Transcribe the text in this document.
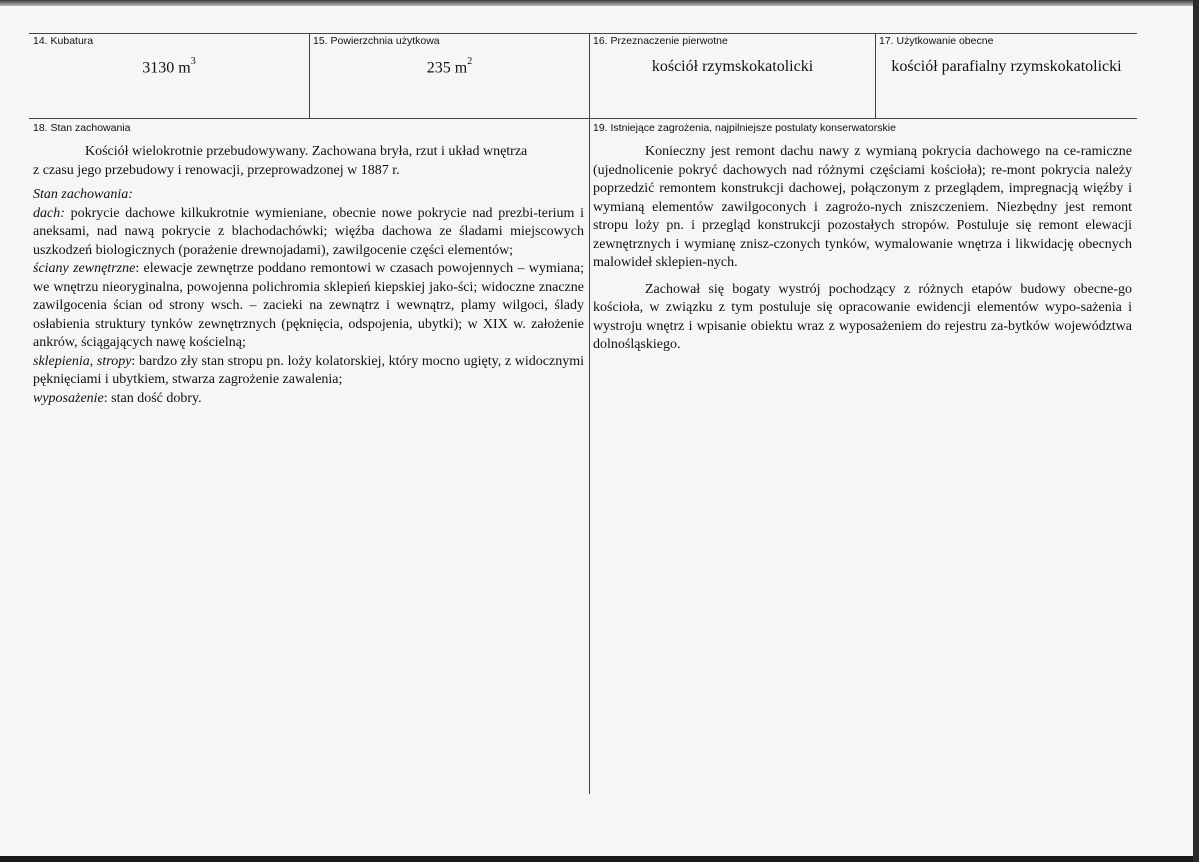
14. Kubatura
3130 $m^3$
15. Powierzchnia użytkowa
235 $m^2$
16. Przeznaczenie pierwotne
kościół rzymskokatolicki
17. Użytkowanie obecne
kościół parafialny rzymskokatolicki
18. Stan zachowania

Kościół wielokrotnie przebudowywany. Zachowana bryła, rzut i układ wnętrza

z czasu jego przebudowy i renowacji, przeprowadzonej w 1887 r.

Stan zachowania:

dach: pokrycie dachowe kilkukrotnie wymieniane, obecnie nowe pokrycie nad prezbi-terium i aneksami, nad nawą pokrycie z blachodachówki; więźba dachowa ze śladami miejscowych uszkodzeń biologicznych (porażenie drewnojadami), zawilgocenie części elementów;

ściany zewnętrzne: elewacje zewnętrze poddano remontowi w czasach powojennych – wymiana; we wnętrzu nieoryginalna, powojenna polichromia sklepień kiepskiej jako-ści; widoczne znaczne zawilgocenia ścian od strony wsch. – zacieki na zewnątrz i wewnątrz, plamy wilgoci, ślady osłabienia struktury tynków zewnętrznych (pęknięcia, odspojenia, ubytki); w XIX w. założenie ankrów, ściągających nawę kościelną;

sklepienia, stropy: bardzo zły stan stropu pn. loży kolatorskiej, który mocno ugięty, z widocznymi pęknięciami i ubytkiem, stwarza zagrożenie zawalenia;

wyposażenie: stan dość dobry.

19. Istniejące zagrożenia, najpilniejsze postulaty konserwatorskie

Konieczny jest remont dachu nawy z wymianą pokrycia dachowego na ce-ramiczne (ujednolicenie pokryć dachowych nad różnymi częściami kościoła); re-mont pokrycia należy poprzedzić remontem konstrukcji dachowej, połączonym z przeglądem, impregnacją więźby i wymianą elementów zawilgoconych i zagrożo-nych zniszczeniem. Niezbędny jest remont stropu loży pn. i przegląd konstrukcji pozostałych stropów. Postuluje się remont elewacji zewnętrznych i wymianę znisz-czonych tynków, wymalowanie wnętrza i likwidację obecnych malowideł sklepien-nych.

Zachował się bogaty wystrój pochodzący z różnych etapów budowy obecne-go kościoła, w związku z tym postuluje się opracowanie ewidencji elementów wypo-sażenia i wystroju wnętrz i wpisanie obiektu wraz z wyposażeniem do rejestru za-bytków województwa dolnośląskiego.
